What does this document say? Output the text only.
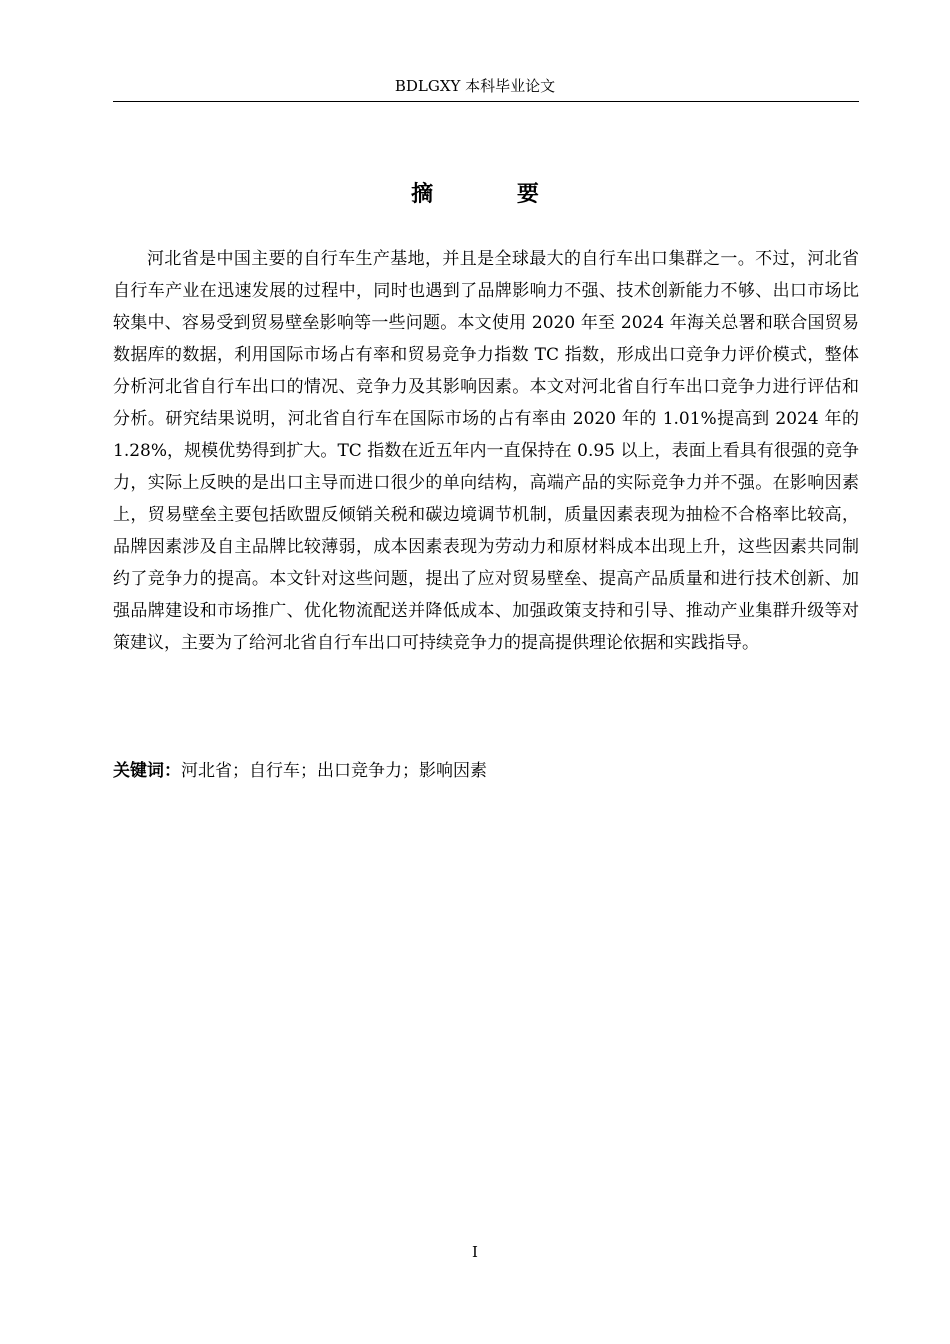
BDLGXY 本科毕业论文
摘 要

河北省是中国主要的自行车生产基地，并且是全球最大的自行车出口集群之一。不过，河北省自行车产业在迅速发展的过程中，同时也遇到了品牌影响力不强、技术创新能力不够、出口市场比较集中、容易受到贸易壁垒影响等一些问题。本文使用 2020 年至 2024 年海关总署和联合国贸易数据库的数据，利用国际市场占有率和贸易竞争力指数 TC 指数，形成出口竞争力评价模式，整体分析河北省自行车出口的情况、竞争力及其影响因素。本文对河北省自行车出口竞争力进行评估和分析。研究结果说明，河北省自行车在国际市场的占有率由 2020 年的 1.01%提高到 2024 年的 1.28%，规模优势得到扩大。TC 指数在近五年内一直保持在 0.95 以上，表面上看具有很强的竞争力，实际上反映的是出口主导而进口很少的单向结构，高端产品的实际竞争力并不强。在影响因素上，贸易壁垒主要包括欧盟反倾销关税和碳边境调节机制，质量因素表现为抽检不合格率比较高，品牌因素涉及自主品牌比较薄弱，成本因素表现为劳动力和原材料成本出现上升，这些因素共同制约了竞争力的提高。本文针对这些问题，提出了应对贸易壁垒、提高产品质量和进行技术创新、加强品牌建设和市场推广、优化物流配送并降低成本、加强政策支持和引导、推动产业集群升级等对策建议，主要为了给河北省自行车出口可持续竞争力的提高提供理论依据和实践指导。

关键词：河北省；自行车；出口竞争力；影响因素

I
